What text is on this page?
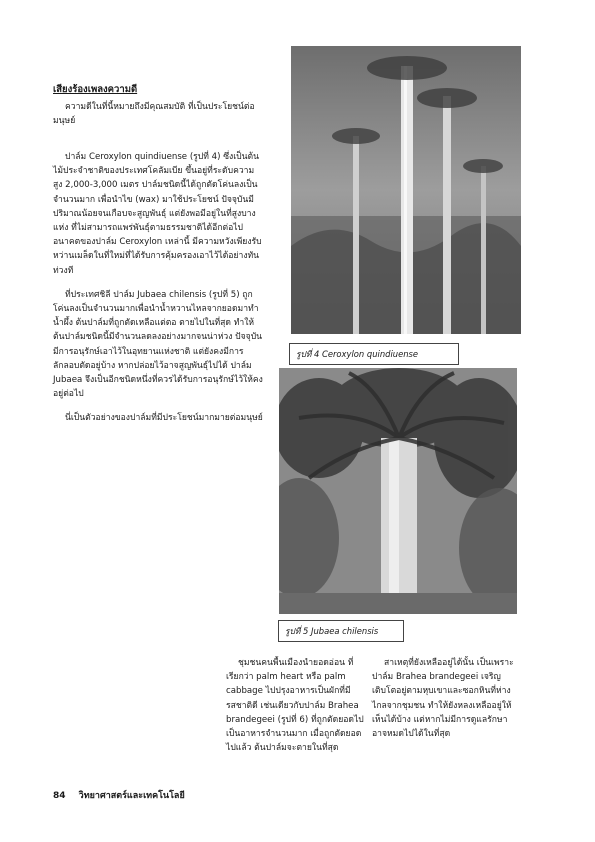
เสียงร้องเพลงความดี

ความดีในที่นี้หมายถึงมีคุณสมบัติ ที่เป็นประโยชน์ต่อมนุษย์

ปาล์ม Ceroxylon quindiuense (รูปที่ 4) ซึ่งเป็นต้นไม้ประจำชาติของประเทศโคลัมเบีย ขึ้นอยู่ที่ระดับความสูง 2,000-3,000 เมตร ปาล์มชนิดนี้ได้ถูกตัดโค่นลงเป็นจำนวนมาก เพื่อนำไข (wax) มาใช้ประโยชน์ ปัจจุบันมีปริมาณน้อยจนเกือบจะสูญพันธุ์ แต่ยังพอมีอยู่ในที่สูงบางแห่ง ที่ไม่สามารถแพร่พันธุ์ตามธรรมชาติได้อีกต่อไป อนาคตของปาล์ม Ceroxylon เหล่านี้ มีความหวังเพียงรับหว่านเมล็ดในที่ใหม่ที่ได้รับการคุ้มครองเอาไว้ได้อย่างทันท่วงที

ที่ประเทศชิลี ปาล์ม Jubaea chilensis (รูปที่ 5) ถูกโค่นลงเป็นจำนวนมากเพื่อนำน้ำหวานไหลจากยอดมาทำน้ำผึ้ง ต้นปาล์มที่ถูกตัดเหลือแต่ตอ ตายไปในที่สุด ทำให้ต้นปาล์มชนิดนี้มีจำนวนลดลงอย่างมากจนน่าห่วง ปัจจุบันมีการอนุรักษ์เอาไว้ในอุทยานแห่งชาติ แต่ยังคงมีการลักลอบตัดอยู่บ้าง หากปล่อยไว้อาจสูญพันธุ์ไปได้ ปาล์ม Jubaea จึงเป็นอีกชนิดหนึ่งที่ควรได้รับการอนุรักษ์ไว้ให้คงอยู่ต่อไป

นี่เป็นตัวอย่างของปาล์มที่มีประโยชน์มากมายต่อมนุษย์

รูปที่ 4 Ceroxylon quindiuense
รูปที่ 5 Jubaea chilensis

ชุมชนคนพื้นเมืองนำยอดอ่อน ที่เรียกว่า palm heart หรือ palm cabbage ไปปรุงอาหารเป็นผักที่มีรสชาติดี เช่นเดียวกับปาล์ม Brahea brandegeei (รูปที่ 6) ที่ถูกตัดยอดไปเป็นอาหารจำนวนมาก เมื่อถูกตัดยอดไปแล้ว ต้นปาล์มจะตายในที่สุด

สาเหตุที่ยังเหลืออยู่ได้นั้น เป็นเพราะปาล์ม Brahea brandegeei เจริญเติบโตอยู่ตามหุบเขาและซอกหินที่ห่างไกลจากชุมชน ทำให้ยังหลงเหลืออยู่ให้เห็นได้บ้าง แต่หากไม่มีการดูแลรักษา อาจหมดไปได้ในที่สุด

84 วิทยาศาสตร์และเทคโนโลยี
